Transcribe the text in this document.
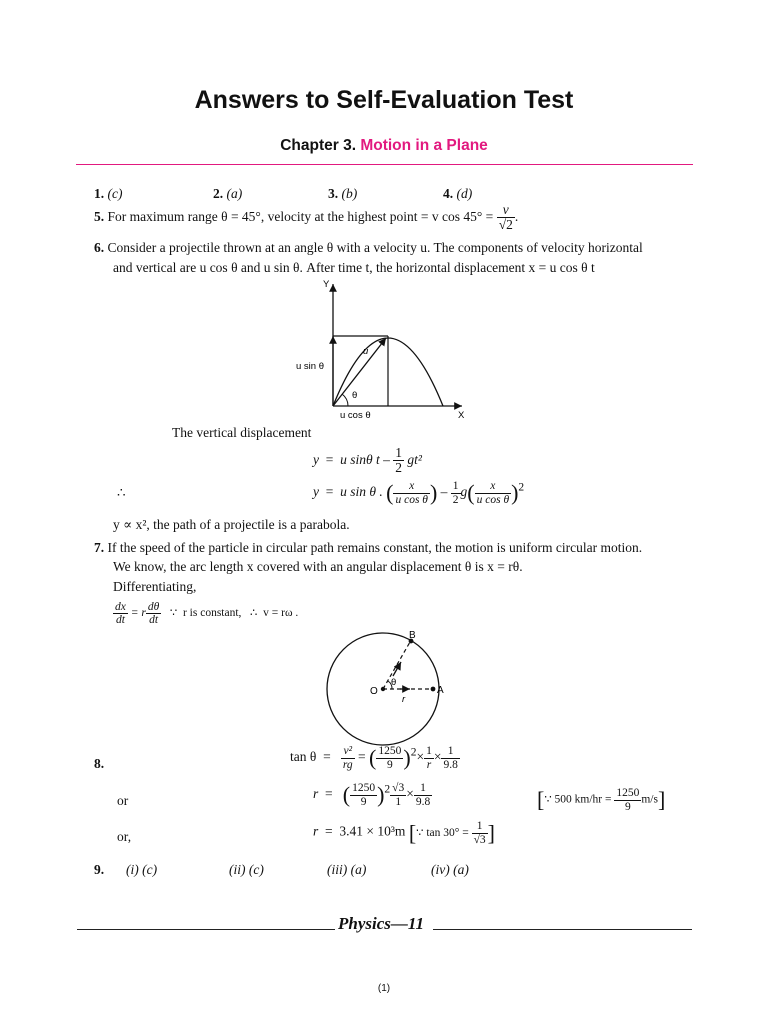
Answers to Self-Evaluation Test
Chapter 3. Motion in a Plane
1. (c)	2. (a)	3. (b)	4. (d)
5. For maximum range θ = 45°, velocity at the highest point = v $\cos 45^\circ = \frac{v}{√2}$ .
6. Consider a projectile thrown at an angle θ with a velocity u. The components of velocity horizontal
and vertical are u cos θ and u sin θ. After time t, the horizontal displacement x = u cos θ t
Y
X
u
u sin θ
u cos θ
θ
The vertical displacement
y  =  u sinθ t – $\frac{1}{2} gt^2$
∴	y  =  u sin θ . ( $\frac{x}{\text{u cos θ}}$ ) – $\frac{1}{2} g( \frac{x}{\text{u cos θ}} )^2$
y ∝ x², the path of a projectile is a parabola.
7. If the speed of the particle in circular path remains constant, the motion is uniform circular motion.
We know, the arc length x covered with an angular displacement θ is x = rθ.
Differentiating,
$\frac{dx}{dt} = r \frac{d\theta}{dt}$ ∵ r is constant, ∴ v = rω .
O	A
B
r
θ
8.	$\tan \theta = \frac{\text{v²}}{rg}$ = ( $\frac{1250}{9} )^2\times \frac{1}{r} \times \frac{1}{9.8}$
or	r  =   ( $\frac{1250}{9} )^2 \frac{√3}{1} \times \frac{1}{9.8}$	[∵ 500 $km/hr = \frac{1250}{9} m/s$]
or,	r  =  3.41 × 10³m [∵ $\tan 30^\circ = \frac{1}{√3}$ ]
9. (i) (c)	(ii) (c)	(iii) (a)	(iv) (a)
Physics—11
(1)
